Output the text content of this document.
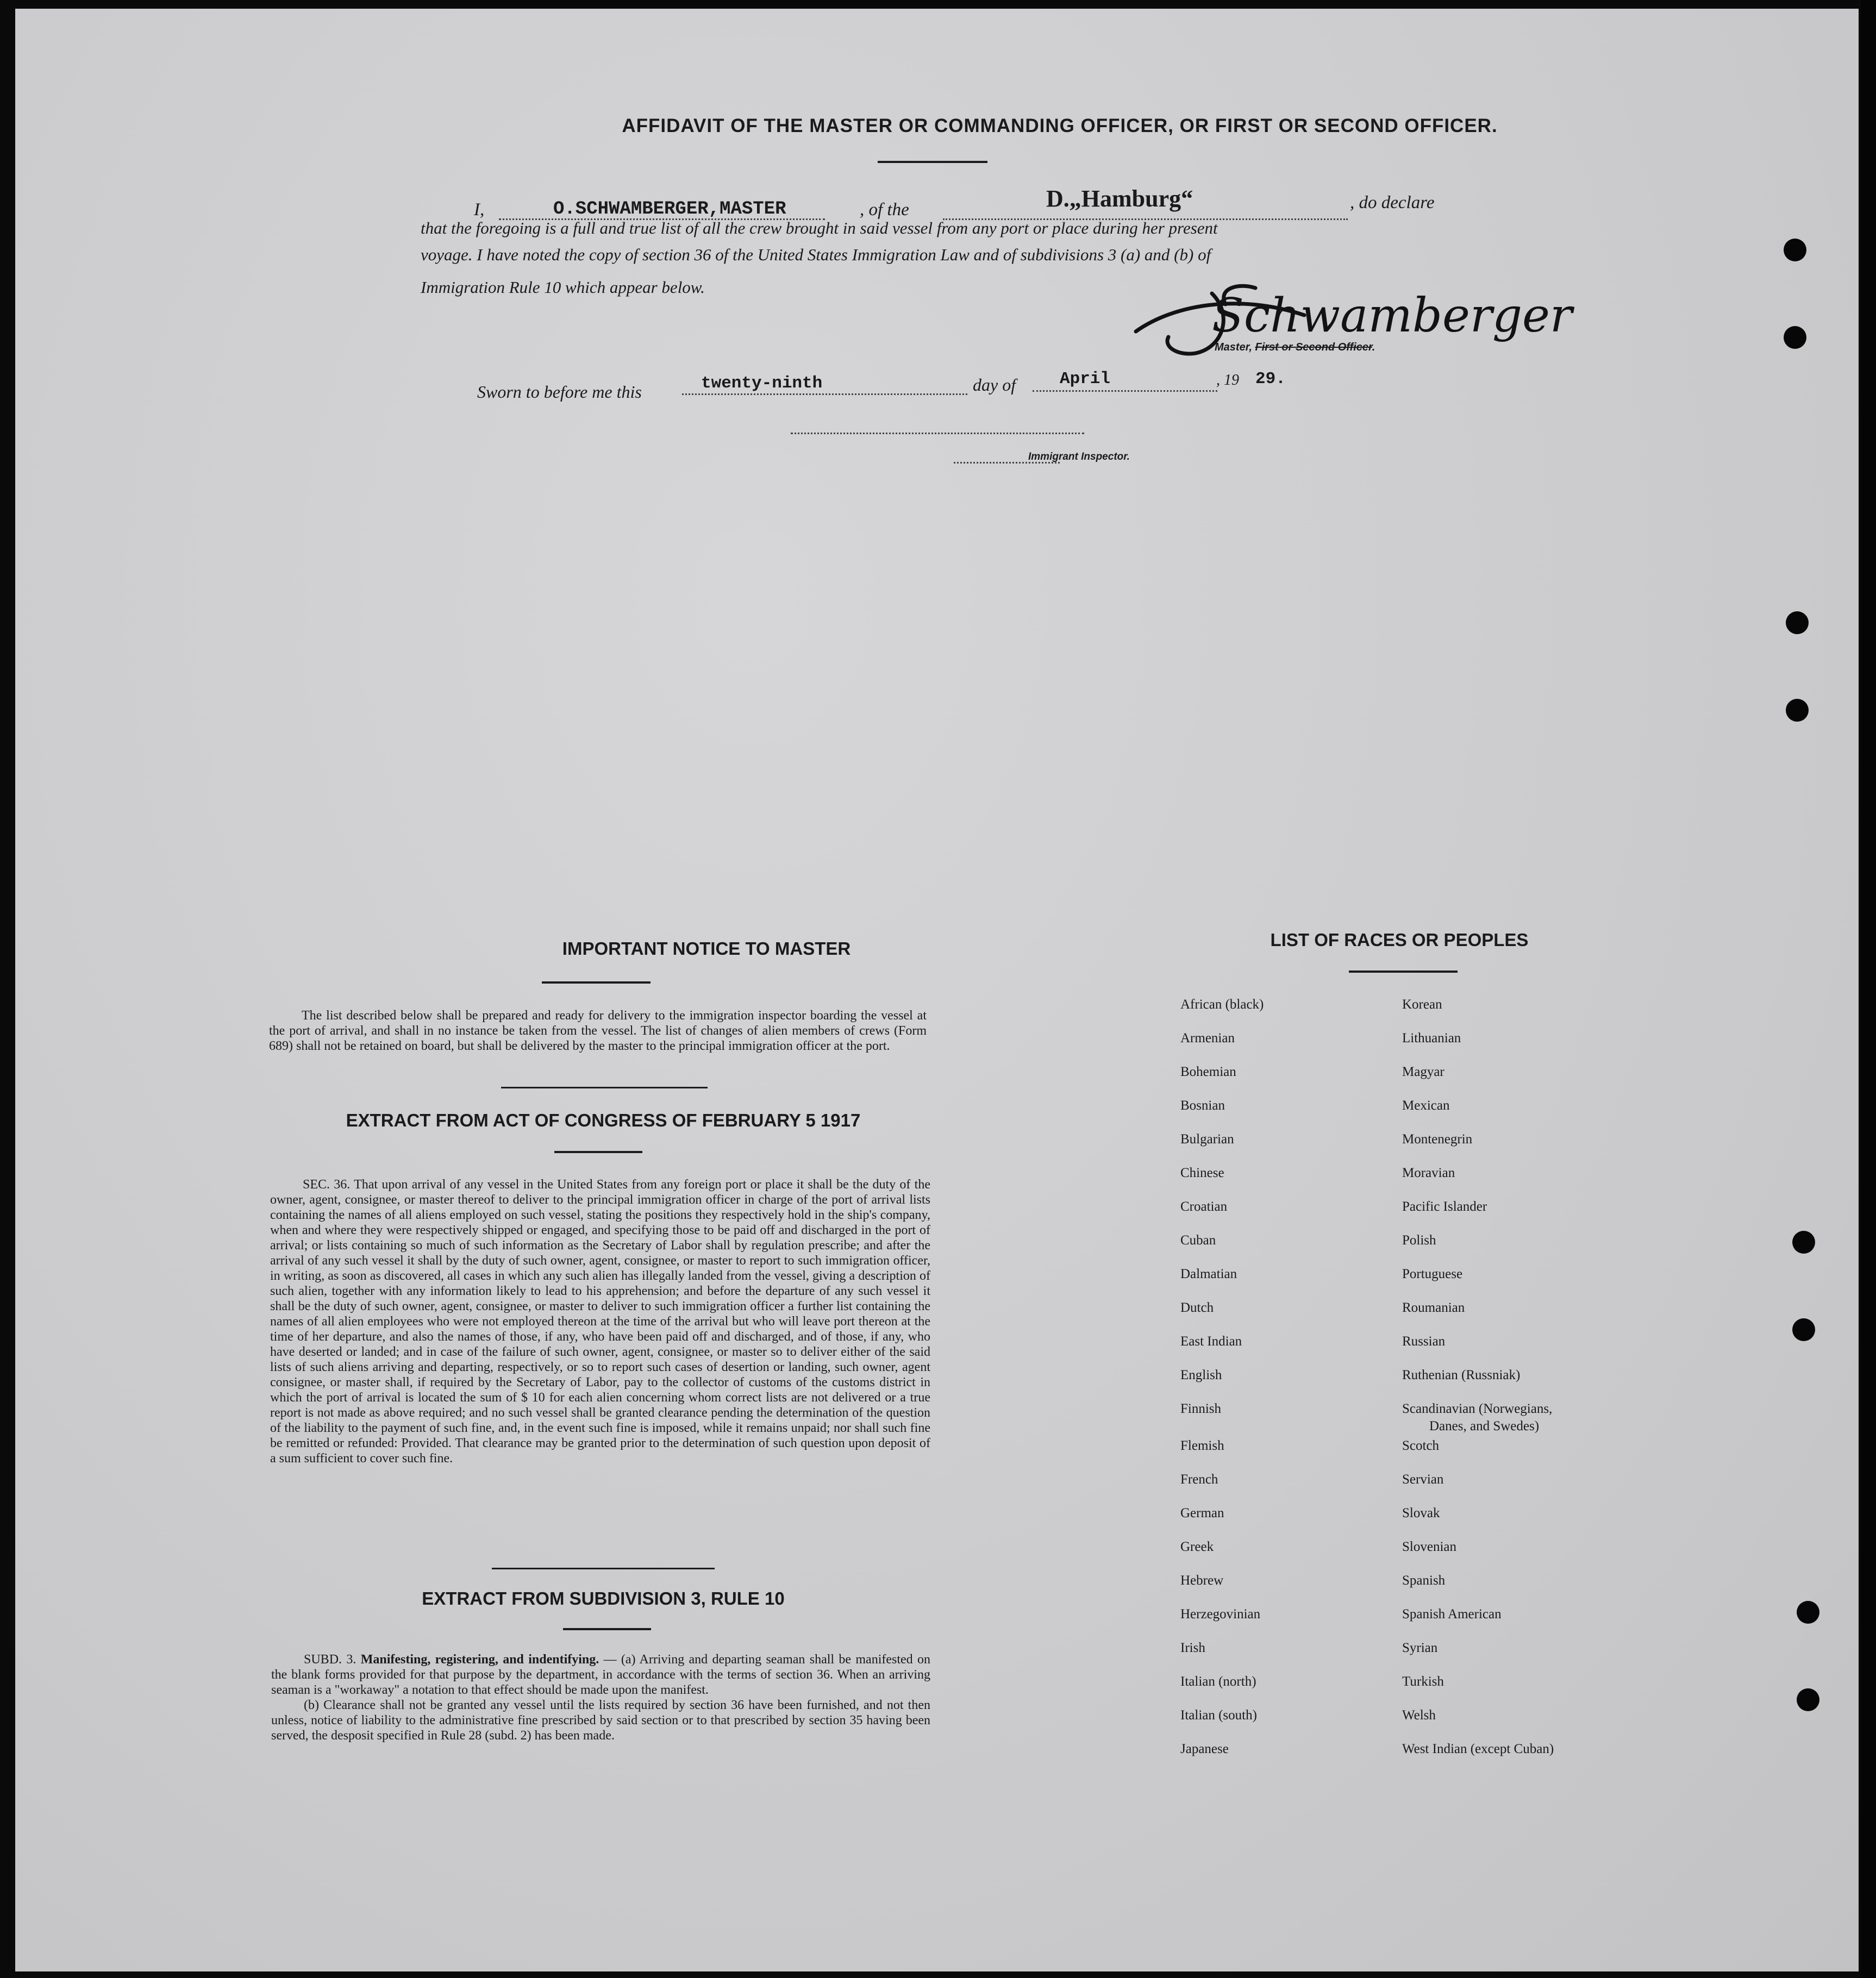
AFFIDAVIT OF THE MASTER OR COMMANDING OFFICER, OR FIRST OR SECOND OFFICER.
I,	O.SCHWAMBERGER,MASTER	, of the	D.„Hamburg“	, do declare
that the foregoing is a full and true list of all the crew brought in said vessel from any port or place during her present
voyage. I have noted the copy of section 36 of the United States Immigration Law and of subdivisions 3 (a) and (b) of
Immigration Rule 10 which appear below.
Schwamberger
Master, First or Second Officer.
Sworn to before me this	twenty-ninth	day of	April	, 19 29.
Immigrant Inspector.
IMPORTANT NOTICE TO MASTER

The list described below shall be prepared and ready for delivery to the immigration inspector boarding the vessel at the port of arrival, and shall in no instance be taken from the vessel. The list of changes of alien members of crews (Form 689) shall not be retained on board, but shall be delivered by the master to the principal immigration officer at the port.

EXTRACT FROM ACT OF CONGRESS OF FEBRUARY 5 1917

SEC. 36. That upon arrival of any vessel in the United States from any foreign port or place it shall be the duty of the owner, agent, consignee, or master thereof to deliver to the principal immigration officer in charge of the port of arrival lists containing the names of all aliens employed on such vessel, stating the positions they respectively hold in the ship's company, when and where they were respectively shipped or engaged, and specifying those to be paid off and discharged in the port of arrival; or lists containing so much of such information as the Secretary of Labor shall by regulation prescribe; and after the arrival of any such vessel it shall by the duty of such owner, agent, consignee, or master to report to such immigration officer, in writing, as soon as discovered, all cases in which any such alien has illegally landed from the vessel, giving a description of such alien, together with any information likely to lead to his apprehension; and before the departure of any such vessel it shall be the duty of such owner, agent, consignee, or master to deliver to such immigration officer a further list containing the names of all alien employees who were not employed thereon at the time of the arrival but who will leave port thereon at the time of her departure, and also the names of those, if any, who have been paid off and discharged, and of those, if any, who have deserted or landed; and in case of the failure of such owner, agent, consignee, or master so to deliver either of the said lists of such aliens arriving and departing, respectively, or so to report such cases of desertion or landing, such owner, agent consignee, or master shall, if required by the Secretary of Labor, pay to the collector of customs of the customs district in which the port of arrival is located the sum of $ 10 for each alien concerning whom correct lists are not delivered or a true report is not made as above required; and no such vessel shall be granted clearance pending the determination of the question of the liability to the payment of such fine, and, in the event such fine is imposed, while it remains unpaid; nor shall such fine be remitted or refunded: Provided. That clearance may be granted prior to the determination of such question upon deposit of a sum sufficient to cover such fine.

EXTRACT FROM SUBDIVISION 3, RULE 10

SUBD. 3. Manifesting, registering, and indentifying. — (a) Arriving and departing seaman shall be manifested on the blank forms provided for that purpose by the department, in accordance with the terms of section 36. When an arriving seaman is a "workaway" a notation to that effect should be made upon the manifest.

(b) Clearance shall not be granted any vessel until the lists required by section 36 have been furnished, and not then unless, notice of liability to the administrative fine prescribed by said section or to that prescribed by section 35 having been served, the desposit specified in Rule 28 (subd. 2) has been made.

LIST OF RACES OR PEOPLES
African (black)
Armenian
Bohemian
Bosnian
Bulgarian
Chinese
Croatian
Cuban
Dalmatian
Dutch
East Indian
English
Finnish
Flemish
French
German
Greek
Hebrew
Herzegovinian
Irish
Italian (north)
Italian (south)
Japanese
Korean
Lithuanian
Magyar
Mexican
Montenegrin
Moravian
Pacific Islander
Polish
Portuguese
Roumanian
Russian
Ruthenian (Russniak)
Scandinavian (Norwegians,
Scotch
Servian
Slovak
Slovenian
Spanish
Spanish American
Syrian
Turkish
Welsh
West Indian (except Cuban)
Danes, and Swedes)
